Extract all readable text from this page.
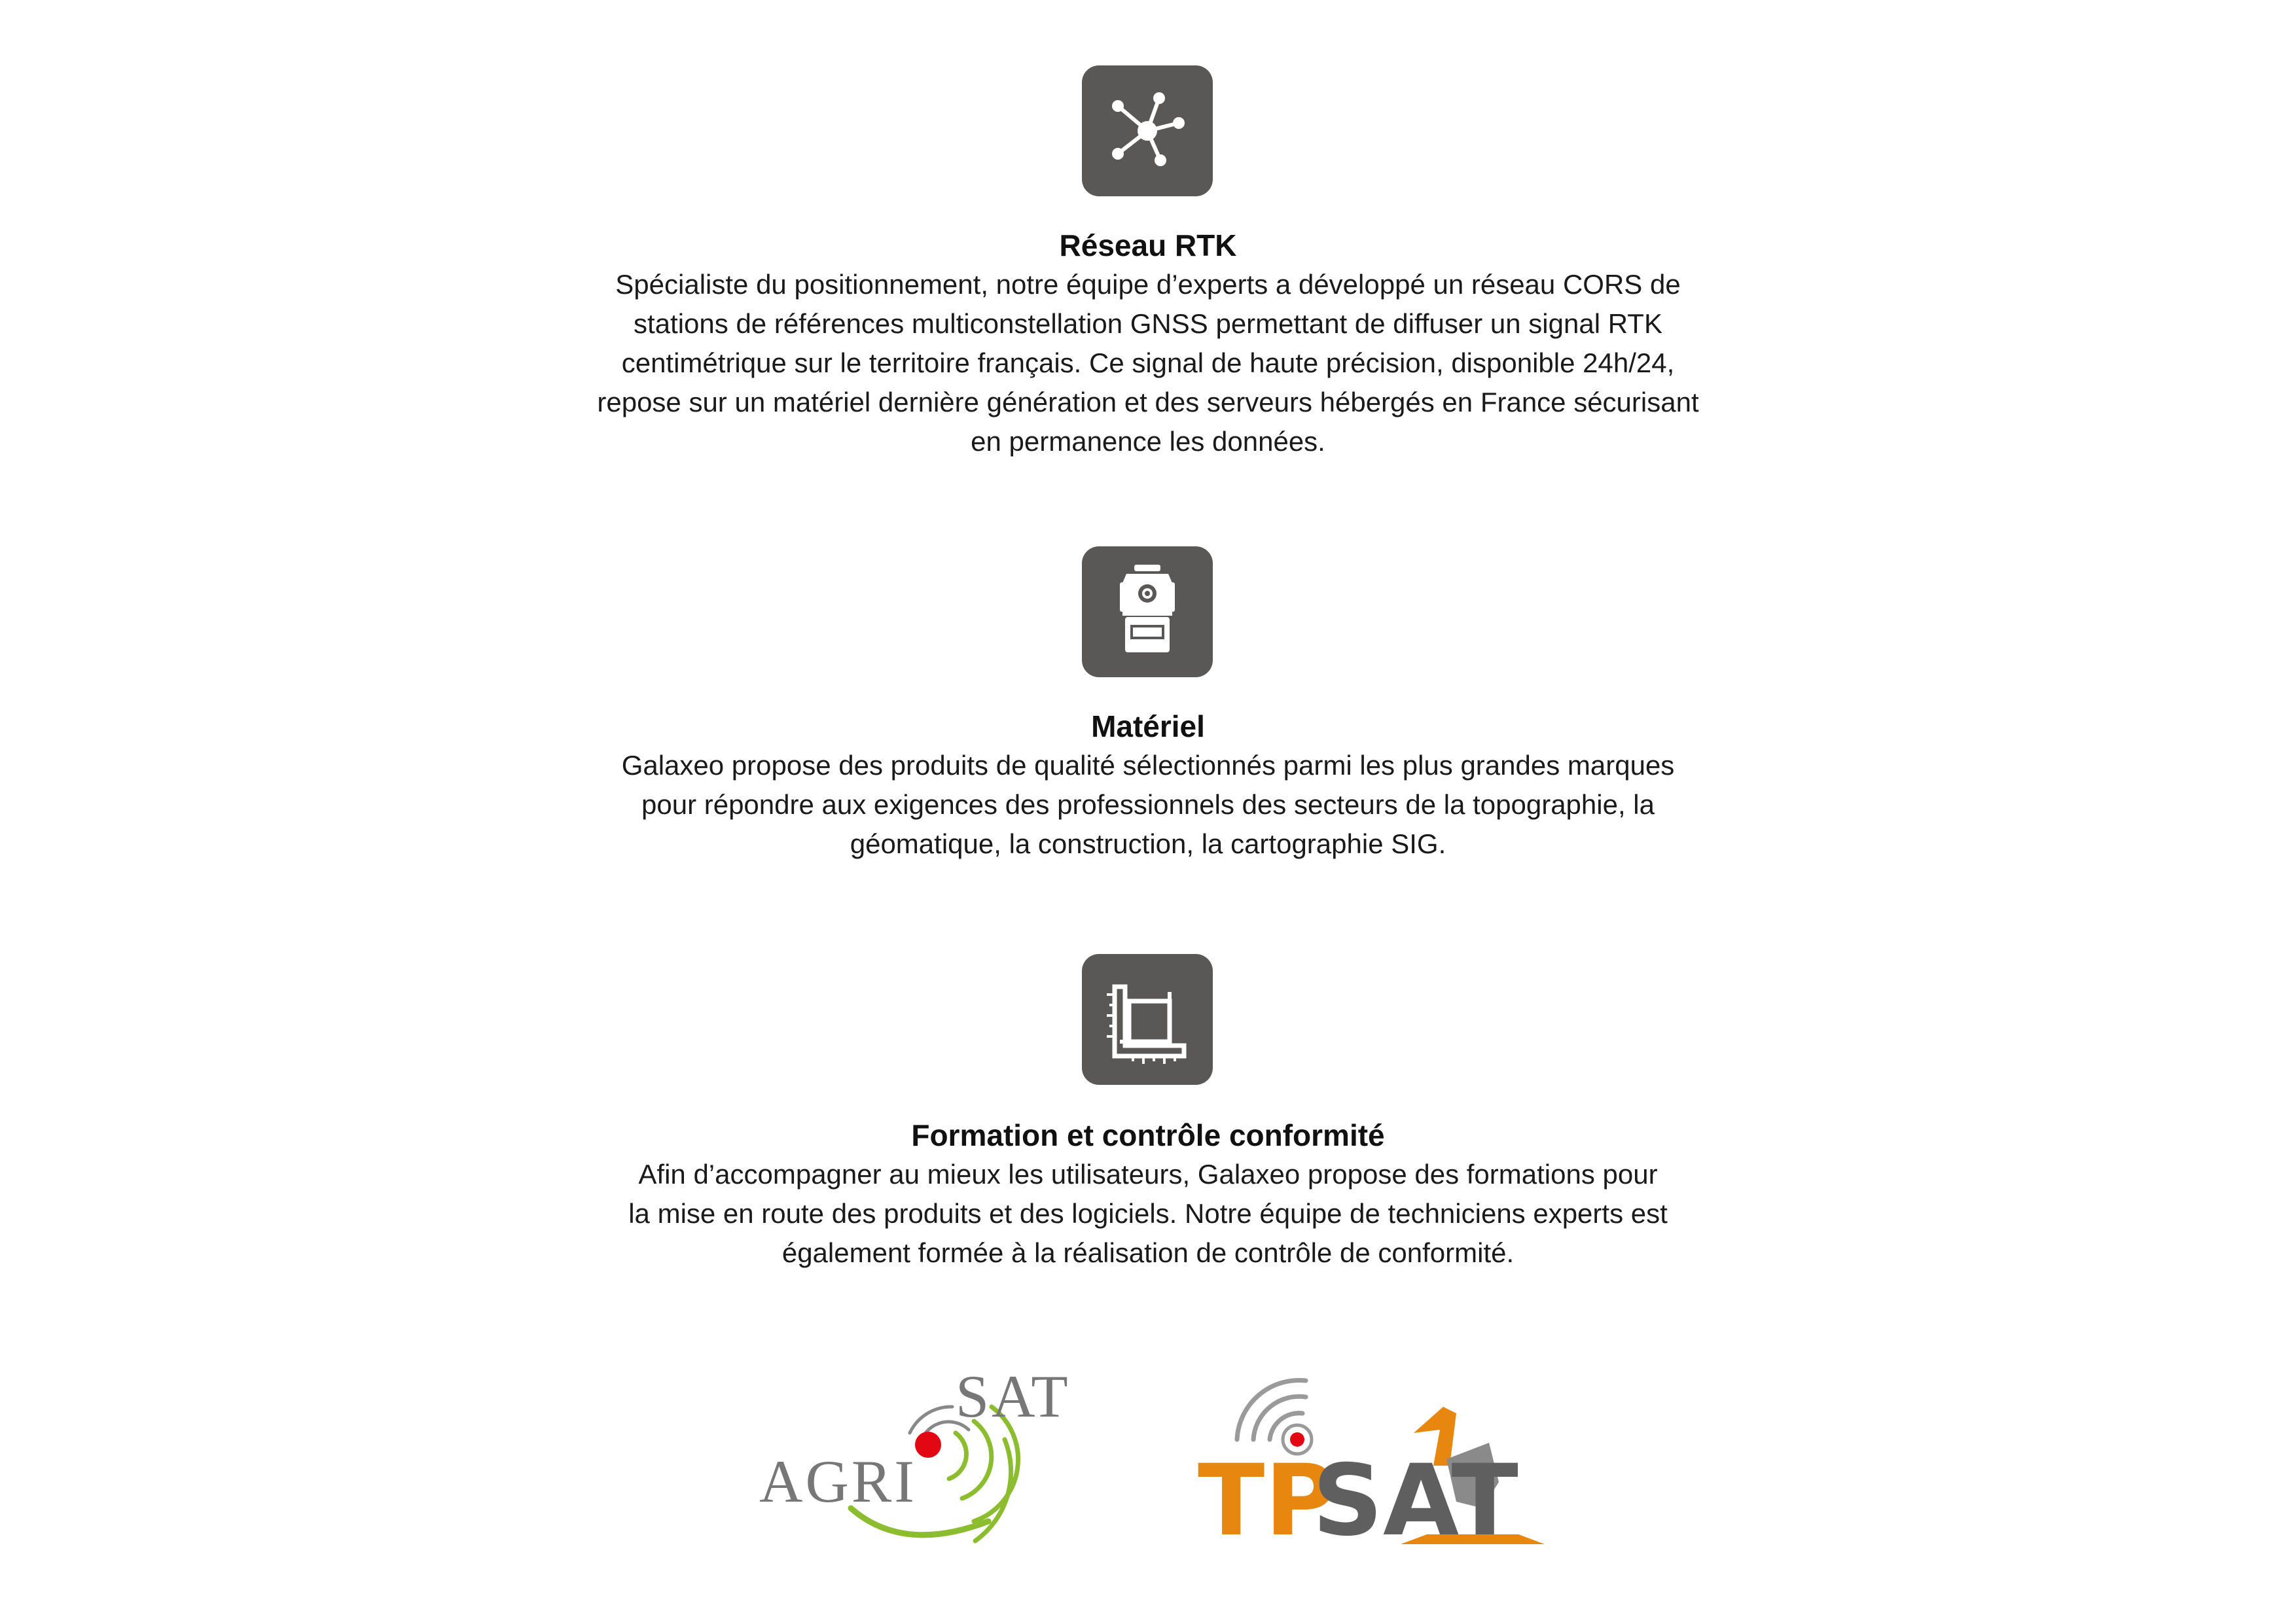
Réseau RTK
Spécialiste du positionnement, notre équipe d’experts a développé un réseau CORS de
stations de références multiconstellation GNSS permettant de diffuser un signal RTK
centimétrique sur le territoire français. Ce signal de haute précision, disponible 24h/24,
repose sur un matériel dernière génération et des serveurs hébergés en France sécurisant
en permanence les données.
Matériel
Galaxeo propose des produits de qualité sélectionnés parmi les plus grandes marques
pour répondre aux exigences des professionnels des secteurs de la topographie, la
géomatique, la construction, la cartographie SIG.
Formation et contrôle conformité
Afin d’accompagner au mieux les utilisateurs, Galaxeo propose des formations pour
la mise en route des produits et des logiciels. Notre équipe de techniciens experts est
également formée à la réalisation de contrôle de conformité.
SAT
AGRI	TP
SAT
